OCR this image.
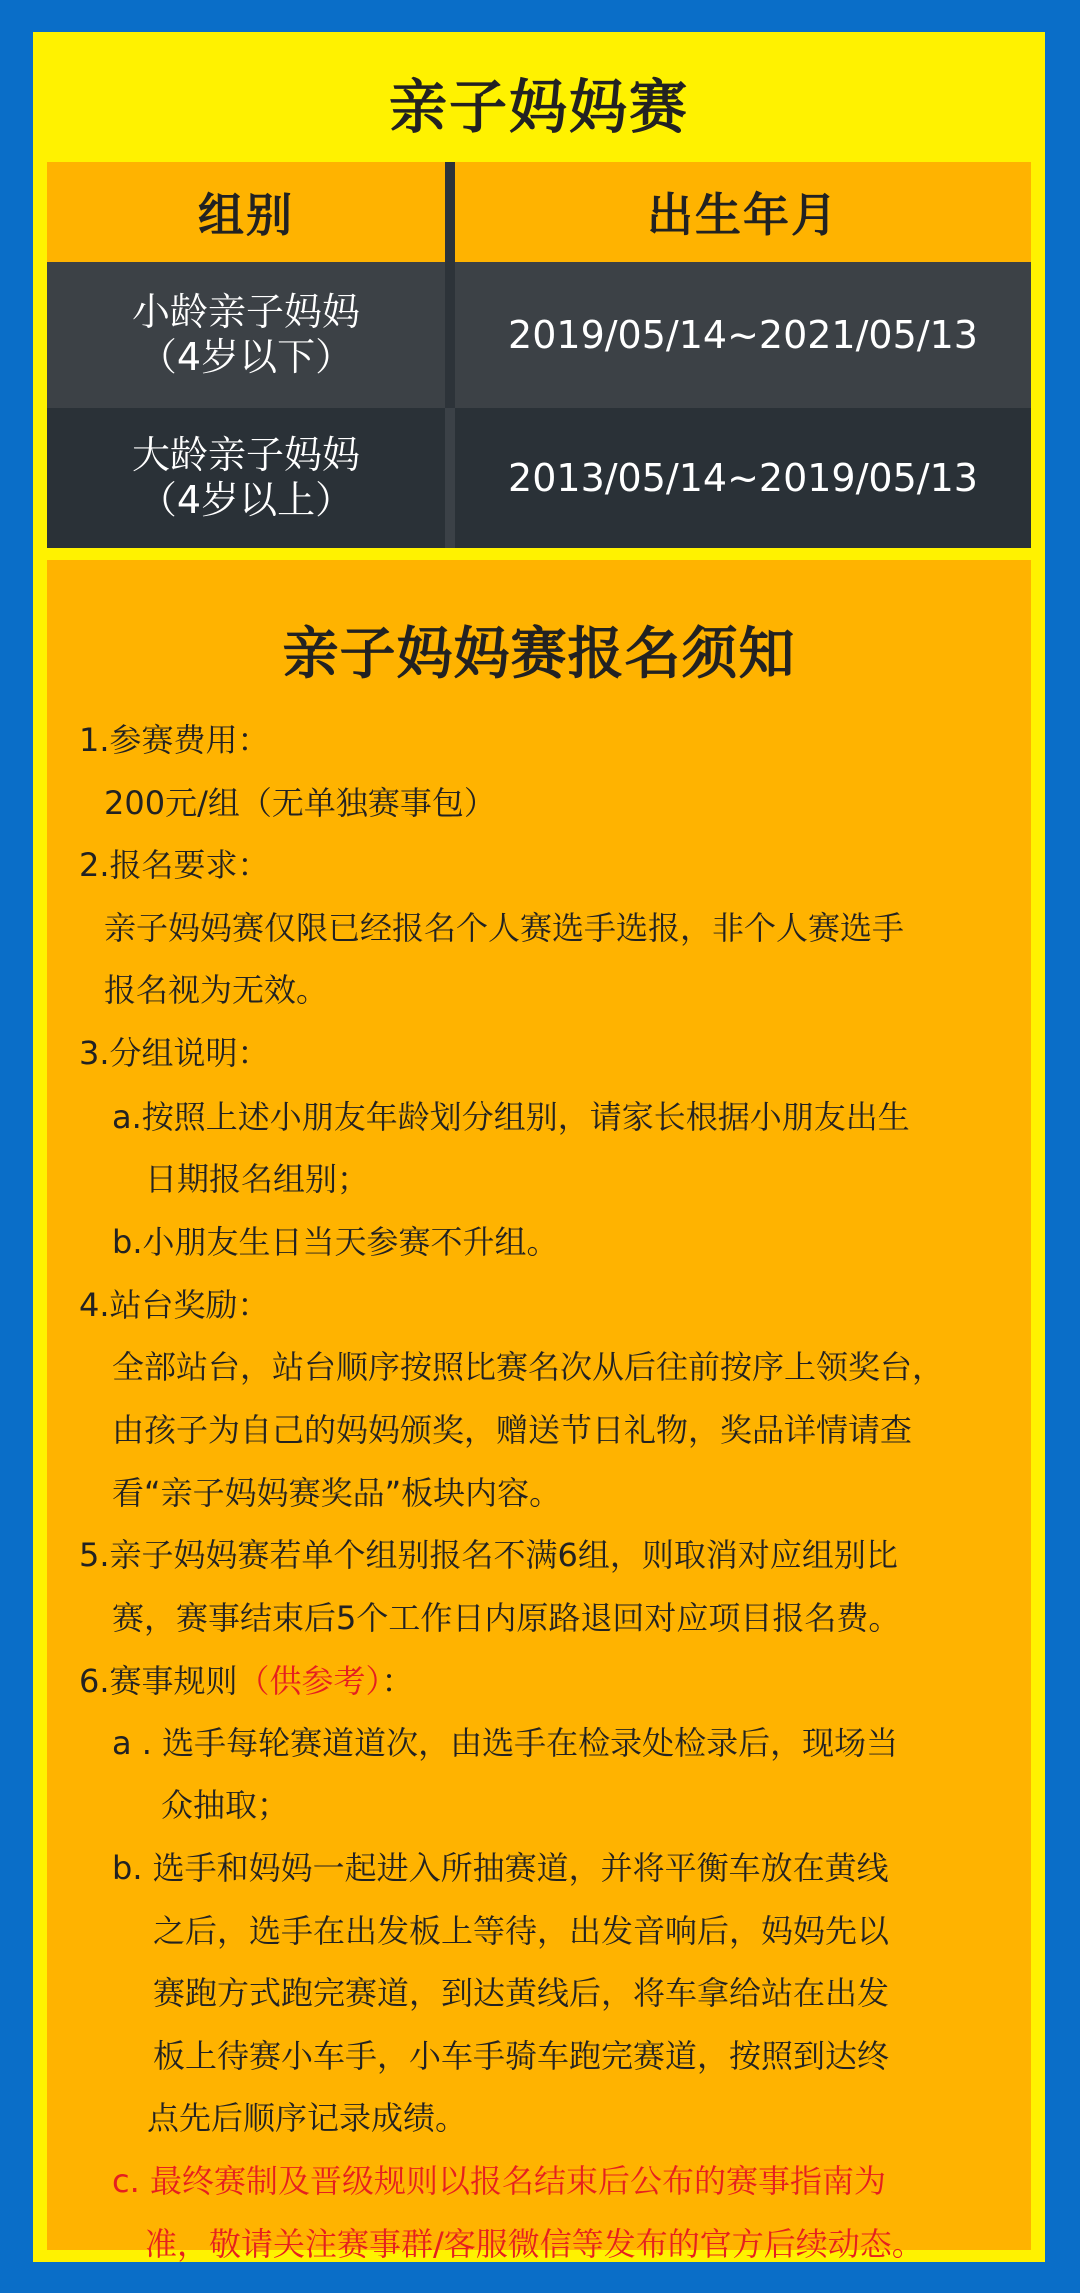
亲子妈妈赛
组别	出生年月
小龄亲子妈妈
（4岁以下）	2019/05/14~2021/05/13
大龄亲子妈妈
（4岁以上）	2013/05/14~2019/05/13
亲子妈妈赛报名须知
1.参赛费用：
200元/组（无单独赛事包）
2.报名要求：
亲子妈妈赛仅限已经报名个人赛选手选报，非个人赛选手
报名视为无效。
3.分组说明：
a.按照上述小朋友年龄划分组别，请家长根据小朋友出生
日期报名组别；
b.小朋友生日当天参赛不升组。
4.站台奖励：
全部站台，站台顺序按照比赛名次从后往前按序上领奖台，
由孩子为自己的妈妈颁奖，赠送节日礼物，奖品详情请查
看“亲子妈妈赛奖品”板块内容。
5.亲子妈妈赛若单个组别报名不满6组，则取消对应组别比
赛，赛事结束后5个工作日内原路退回对应项目报名费。
6.赛事规则（供参考）：
a . 选手每轮赛道道次，由选手在检录处检录后，现场当
众抽取；
b. 选手和妈妈一起进入所抽赛道，并将平衡车放在黄线
之后，选手在出发板上等待，出发音响后，妈妈先以
赛跑方式跑完赛道，到达黄线后，将车拿给站在出发
板上待赛小车手，小车手骑车跑完赛道，按照到达终
点先后顺序记录成绩。
c. 最终赛制及晋级规则以报名结束后公布的赛事指南为
准，敬请关注赛事群/客服微信等发布的官方后续动态。
